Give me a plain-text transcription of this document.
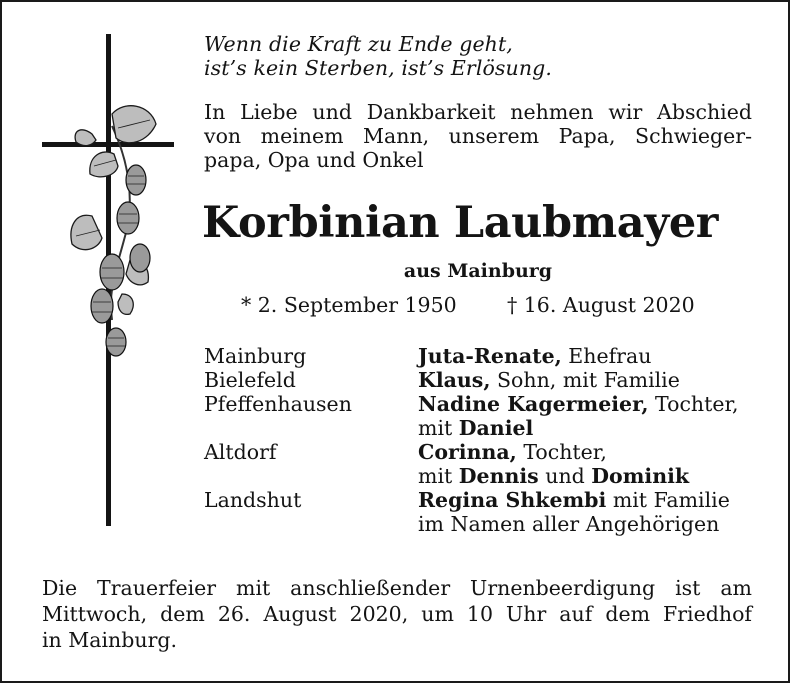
Wenn die Kraft zu Ende geht,
ist’s kein Sterben, ist’s Erlösung.
In Liebe und Dankbarkeit nehmen wir Abschied
von meinem Mann, unserem Papa, Schwieger-
papa, Opa und Onkel
Korbinian Laubmayer
aus Mainburg
* 2. September 1950 † 16. August 2020
Mainburg	Juta-Renate, Ehefrau
Bielefeld	Klaus, Sohn, mit Familie
Pfeffenhausen	Nadine Kagermeier, Tochter,
mit Daniel
Altdorf	Corinna, Tochter,
mit Dennis und Dominik
Landshut	Regina Shkembi mit Familie
im Namen aller Angehörigen
Die Trauerfeier mit anschließender Urnenbeerdigung ist am
Mittwoch, dem 26. August 2020, um 10 Uhr auf dem Friedhof
in Mainburg.
